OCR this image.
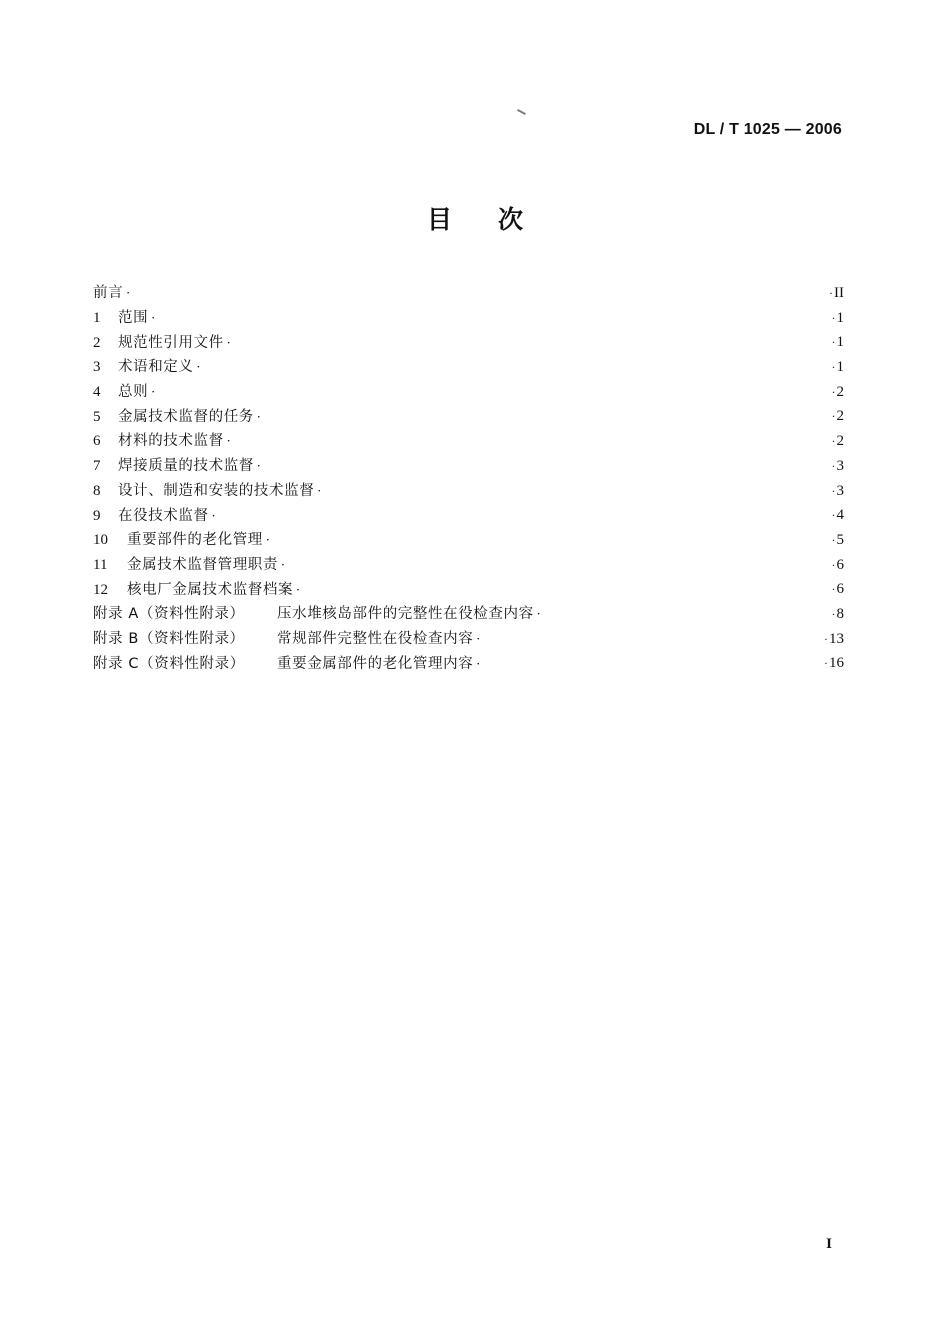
DL / T 1025 — 2006
目次
前言 ·	· II
1	范围 ·	· 1
2	规范性引用文件 ·	· 1
3	术语和定义 ·	· 1
4	总则 ·	· 2
5	金属技术监督的任务 ·	· 2
6	材料的技术监督 ·	· 2
7	焊接质量的技术监督 ·	· 3
8	设计、制造和安装的技术监督 ·	· 3
9	在役技术监督 ·	· 4
10	重要部件的老化管理 ·	· 5
11	金属技术监督管理职责 ·	· 6
12	核电厂金属技术监督档案 ·	· 6
附录 A（资料性附录）	压水堆核岛部件的完整性在役检查内容 ·	· 8
附录 B（资料性附录）	常规部件完整性在役检查内容 ·	· 13
附录 C（资料性附录）	重要金属部件的老化管理内容 ·	· 16
I
